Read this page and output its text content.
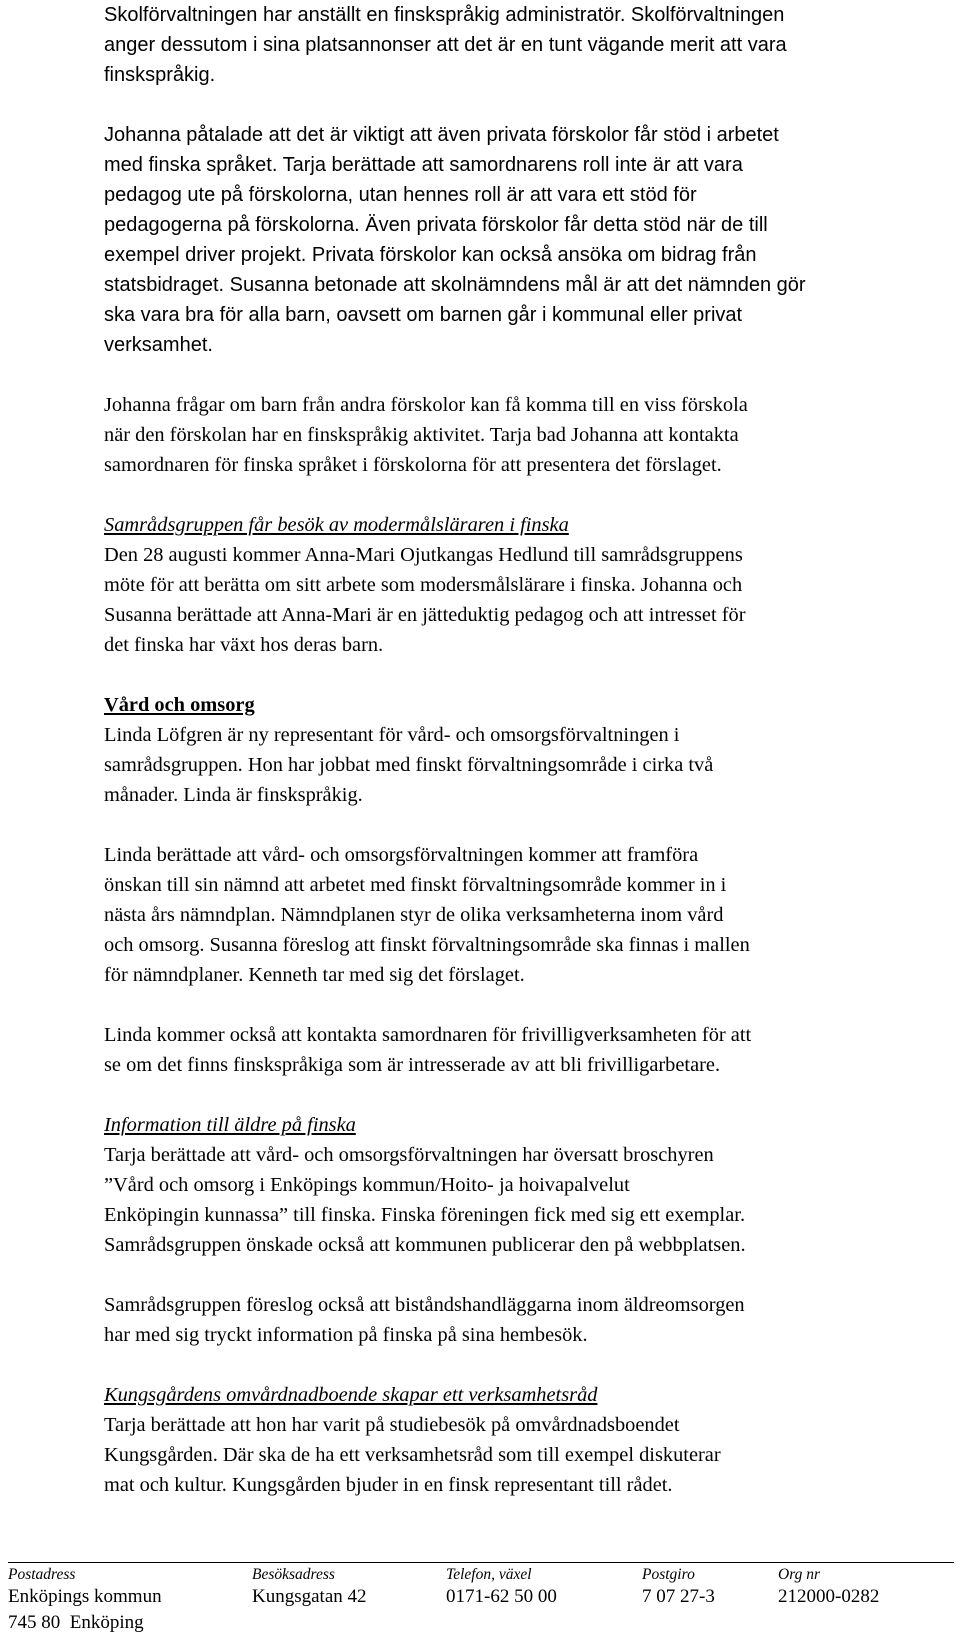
Skolförvaltningen har anställt en finskspråkig administratör. Skolförvaltningen
anger dessutom i sina platsannonser att det är en tunt vägande merit att vara
finskspråkig.
Johanna påtalade att det är viktigt att även privata förskolor får stöd i arbetet
med finska språket. Tarja berättade att samordnarens roll inte är att vara
pedagog ute på förskolorna, utan hennes roll är att vara ett stöd för
pedagogerna på förskolorna. Även privata förskolor får detta stöd när de till
exempel driver projekt. Privata förskolor kan också ansöka om bidrag från
statsbidraget. Susanna betonade att skolnämndens mål är att det nämnden gör
ska vara bra för alla barn, oavsett om barnen går i kommunal eller privat
verksamhet.
Johanna frågar om barn från andra förskolor kan få komma till en viss förskola
när den förskolan har en finskspråkig aktivitet. Tarja bad Johanna att kontakta
samordnaren för finska språket i förskolorna för att presentera det förslaget.
Samrådsgruppen får besök av modermålsläraren i finska
Den 28 augusti kommer Anna-Mari Ojutkangas Hedlund till samrådsgruppens
möte för att berätta om sitt arbete som modersmålslärare i finska. Johanna och
Susanna berättade att Anna-Mari är en jätteduktig pedagog och att intresset för
det finska har växt hos deras barn.
Vård och omsorg
Linda Löfgren är ny representant för vård- och omsorgsförvaltningen i
samrådsgruppen. Hon har jobbat med finskt förvaltningsområde i cirka två
månader. Linda är finskspråkig.
Linda berättade att vård- och omsorgsförvaltningen kommer att framföra
önskan till sin nämnd att arbetet med finskt förvaltningsområde kommer in i
nästa års nämndplan. Nämndplanen styr de olika verksamheterna inom vård
och omsorg. Susanna föreslog att finskt förvaltningsområde ska finnas i mallen
för nämndplaner. Kenneth tar med sig det förslaget.
Linda kommer också att kontakta samordnaren för frivilligverksamheten för att
se om det finns finskspråkiga som är intresserade av att bli frivilligarbetare.
Information till äldre på finska
Tarja berättade att vård- och omsorgsförvaltningen har översatt broschyren
”Vård och omsorg i Enköpings kommun/Hoito- ja hoivapalvelut
Enköpingin kunnassa” till finska. Finska föreningen fick med sig ett exemplar.
Samrådsgruppen önskade också att kommunen publicerar den på webbplatsen.
Samrådsgruppen föreslog också att biståndshandläggarna inom äldreomsorgen
har med sig tryckt information på finska på sina hembesök.
Kungsgårdens omvårdnadboende skapar ett verksamhetsråd
Tarja berättade att hon har varit på studiebesök på omvårdnadsboendet
Kungsgården. Där ska de ha ett verksamhetsråd som till exempel diskuterar
mat och kultur. Kungsgården bjuder in en finsk representant till rådet.
Postadress	Besöksadress	Telefon, växel	Postgiro	Org nr
Enköpings kommun	Kungsgatan 42	0171-62 50 00	7 07 27-3	212000-0282
745 80  Enköping
